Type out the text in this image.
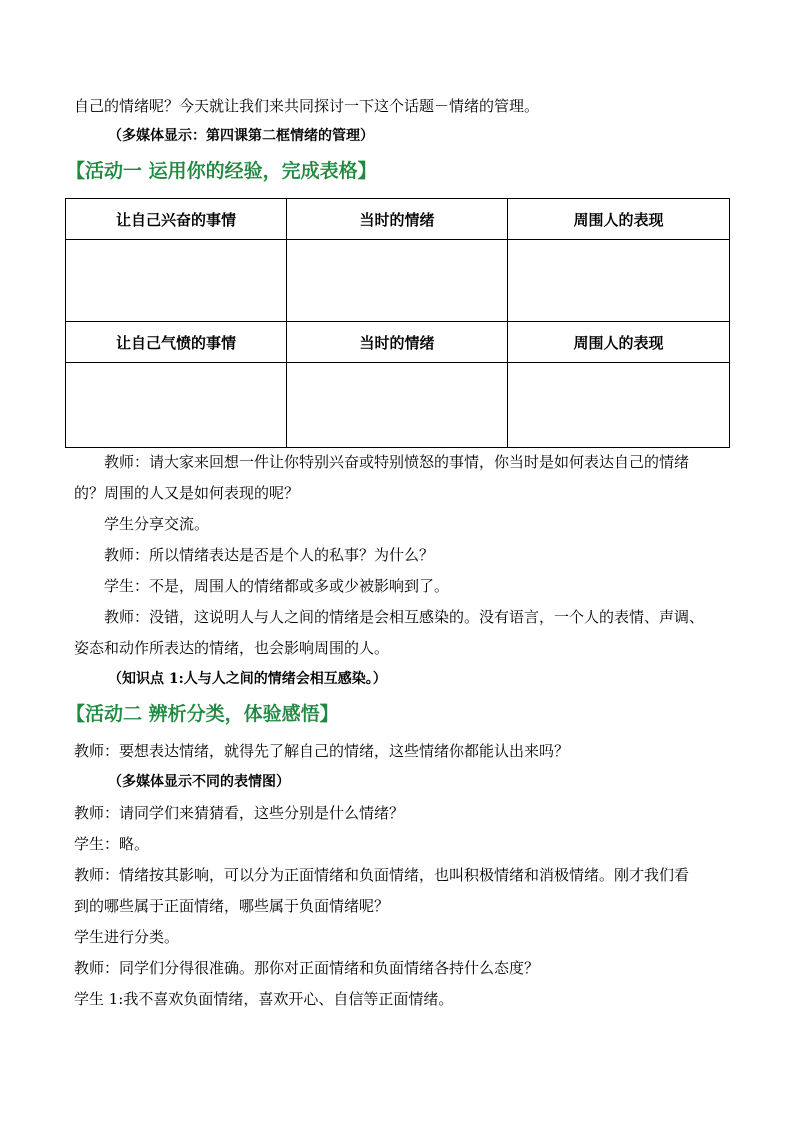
自己的情绪呢？今天就让我们来共同探讨一下这个话题－情绪的管理。
（多媒体显示：第四课第二框情绪的管理）
【活动一 运用你的经验，完成表格】
让自己兴奋的事情	当时的情绪	周围人的表现

让自己气愤的事情	当时的情绪	周围人的表现

教师：请大家来回想一件让你特别兴奋或特别愤怒的事情，你当时是如何表达自己的情绪
的？周围的人又是如何表现的呢？
学生分享交流。
教师：所以情绪表达是否是个人的私事？为什么？
学生：不是，周围人的情绪都或多或少被影响到了。
教师：没错，这说明人与人之间的情绪是会相互感染的。没有语言，一个人的表情、声调、
姿态和动作所表达的情绪，也会影响周围的人。
（知识点 1:人与人之间的情绪会相互感染。）
【活动二 辨析分类，体验感悟】
教师：要想表达情绪，就得先了解自己的情绪，这些情绪你都能认出来吗？
（多媒体显示不同的表情图）
教师：请同学们来猜猜看，这些分别是什么情绪？
学生：略。
教师：情绪按其影响，可以分为正面情绪和负面情绪，也叫积极情绪和消极情绪。刚才我们看
到的哪些属于正面情绪，哪些属于负面情绪呢？
学生进行分类。
教师：同学们分得很准确。那你对正面情绪和负面情绪各持什么态度？
学生 1:我不喜欢负面情绪，喜欢开心、自信等正面情绪。
